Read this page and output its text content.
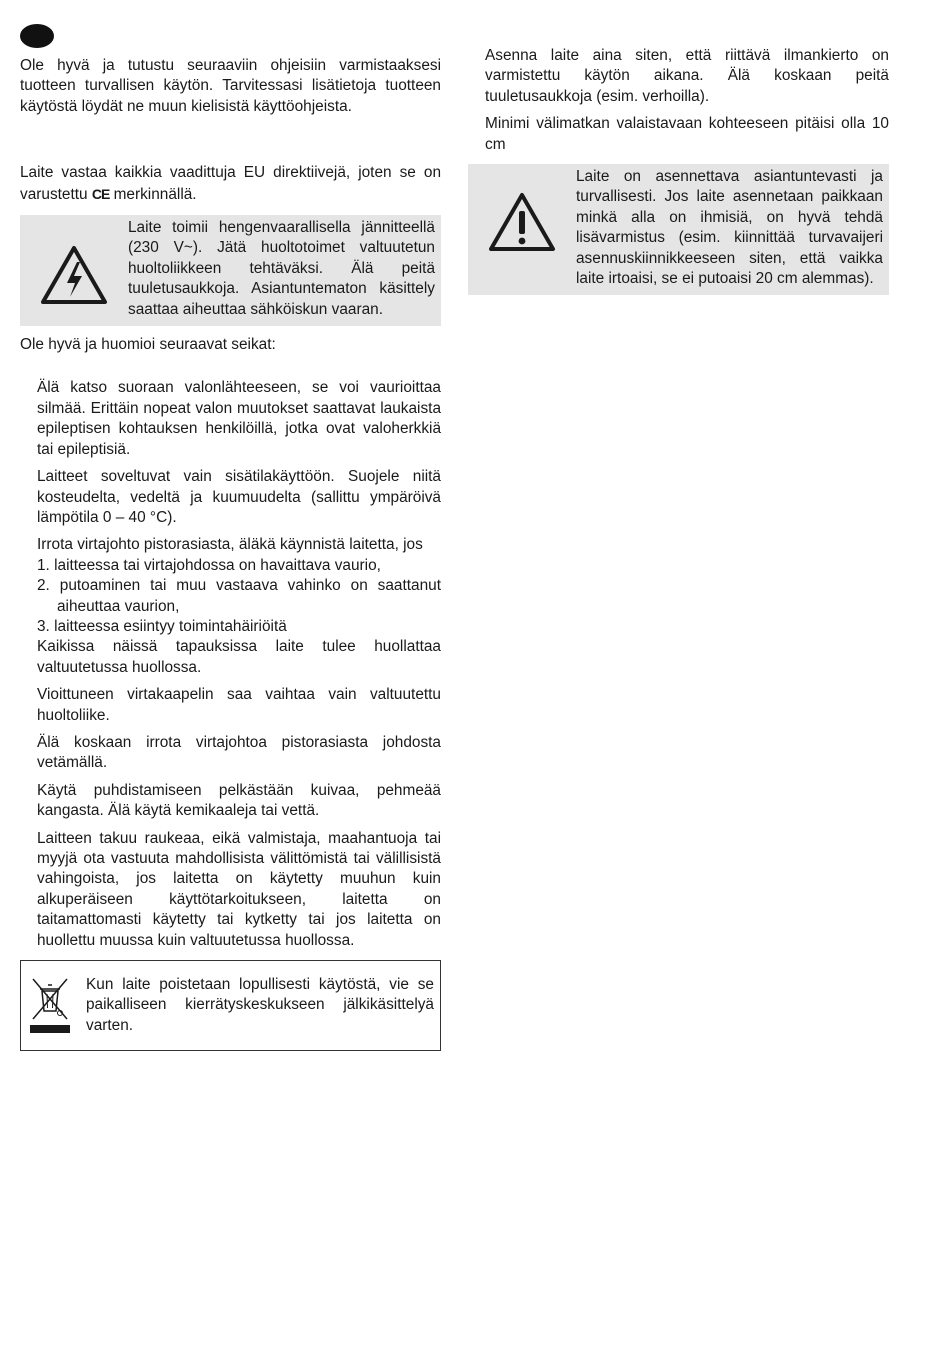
Ole hyvä ja tutustu seuraaviin ohjeisiin varmistaaksesi tuotteen turvallisen käytön. Tarvitessasi lisätietoja tuotteen käytöstä löydät ne muun kielisistä käyttöohjeista.

Laite vastaa kaikkia vaadittuja EU direktiivejä, joten se on varustettu CE merkinnällä.

Laite toimii hengenvaarallisella jännitteellä (230 V~). Jätä huoltotoimet valtuutetun huoltoliikkeen tehtäväksi. Älä peitä tuuletusaukkoja. Asiantuntematon käsittely saattaa aiheuttaa sähköiskun vaaran.

Ole hyvä ja huomioi seuraavat seikat:

Älä katso suoraan valonlähteeseen, se voi vaurioittaa silmää. Erittäin nopeat valon muutokset saattavat laukaista epileptisen kohtauksen henkilöillä, jotka ovat valoherkkiä tai epileptisiä.

Laitteet soveltuvat vain sisätilakäyttöön. Suojele niitä kosteudelta, vedeltä ja kuumuudelta (sallittu ympäröivä lämpötila 0 – 40 °C).

Irrota virtajohto pistorasiasta, äläkä käynnistä laitetta, jos

1. laitteessa tai virtajohdossa on havaittava vaurio,
2. putoaminen tai muu vastaava vahinko on saattanut aiheuttaa vaurion,
3. laitteessa esiintyy toimintahäiriöitä

Kaikissa näissä tapauksissa laite tulee huollattaa valtuutetussa huollossa.

Vioittuneen virtakaapelin saa vaihtaa vain valtuutettu huoltoliike.

Älä koskaan irrota virtajohtoa pistorasiasta johdosta vetämällä.

Käytä puhdistamiseen pelkästään kuivaa, pehmeää kangasta. Älä käytä kemikaaleja tai vettä.

Laitteen takuu raukeaa, eikä valmistaja, maahantuoja tai myyjä ota vastuuta mahdollisista välittömistä tai välillisistä vahingoista, jos laitetta on käytetty muuhun kuin alkuperäiseen käyttötarkoitukseen, laitetta on taitamattomasti käytetty tai kytketty tai jos laitetta on huollettu muussa kuin valtuutetussa huollossa.

Kun laite poistetaan lopullisesti käytöstä, vie se paikalliseen kierrätyskeskukseen jälkikäsittelyä varten.

Asenna laite aina siten, että riittävä ilmankierto on varmistettu käytön aikana. Älä koskaan peitä tuuletusaukkoja (esim. verhoilla).

Minimi välimatkan valaistavaan kohteeseen pitäisi olla 10 cm

Laite on asennettava asiantuntevasti ja turvallisesti. Jos laite asennetaan paikkaan minkä alla on ihmisiä, on hyvä tehdä lisävarmistus (esim. kiinnittää turvavaijeri asennuskiinnikkeeseen siten, että vaikka laite irtoaisi, se ei putoaisi 20 cm alemmas).
